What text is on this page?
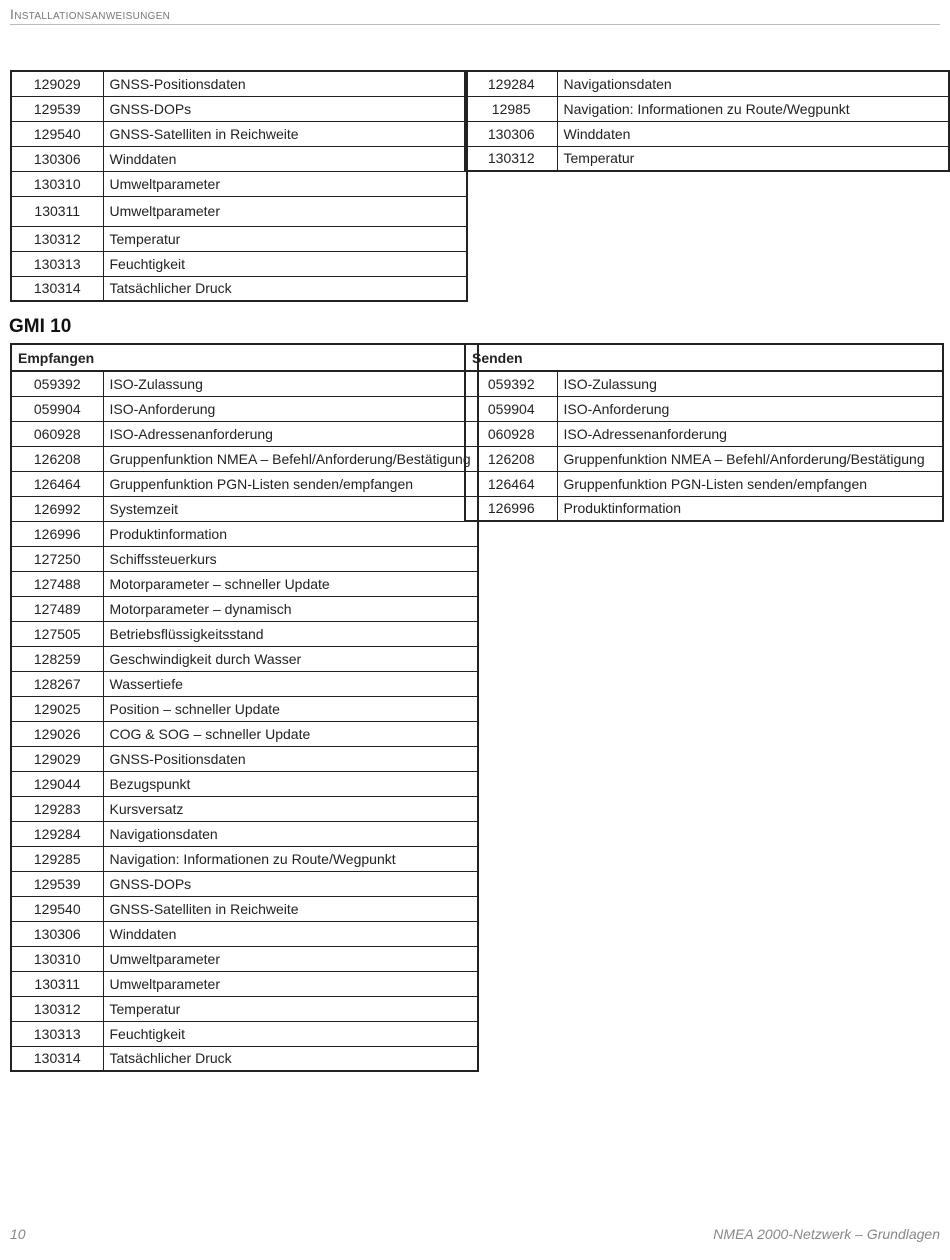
Installationsanweisungen
129029	GNSS-Positionsdaten
129539	GNSS-DOPs
129540	GNSS-Satelliten in Reichweite
130306	Winddaten
130310	Umweltparameter
130311	Umweltparameter
130312	Temperatur
130313	Feuchtigkeit
130314	Tatsächlicher Druck
129284	Navigationsdaten
12985	Navigation: Informationen zu Route/Wegpunkt
130306	Winddaten
130312	Temperatur
GMI 10
Empfangen	
059392	ISO-Zulassung
059904	ISO-Anforderung
060928	ISO-Adressenanforderung
126208	Gruppenfunktion NMEA – Befehl/Anforderung/Bestätigung
126464	Gruppenfunktion PGN-Listen senden/empfangen
126992	Systemzeit
126996	Produktinformation
127250	Schiffssteuerkurs
127488	Motorparameter – schneller Update
127489	Motorparameter – dynamisch
127505	Betriebsflüssigkeitsstand
128259	Geschwindigkeit durch Wasser
128267	Wassertiefe
129025	Position – schneller Update
129026	COG & SOG – schneller Update
129029	GNSS-Positionsdaten
129044	Bezugspunkt
129283	Kursversatz
129284	Navigationsdaten
129285	Navigation: Informationen zu Route/Wegpunkt
129539	GNSS-DOPs
129540	GNSS-Satelliten in Reichweite
130306	Winddaten
130310	Umweltparameter
130311	Umweltparameter
130312	Temperatur
130313	Feuchtigkeit
130314	Tatsächlicher Druck
Senden	
059392	ISO-Zulassung
059904	ISO-Anforderung
060928	ISO-Adressenanforderung
126208	Gruppenfunktion NMEA – Befehl/Anforderung/Bestätigung
126464	Gruppenfunktion PGN-Listen senden/empfangen
126996	Produktinformation
10	NMEA 2000-Netzwerk – Grundlagen
